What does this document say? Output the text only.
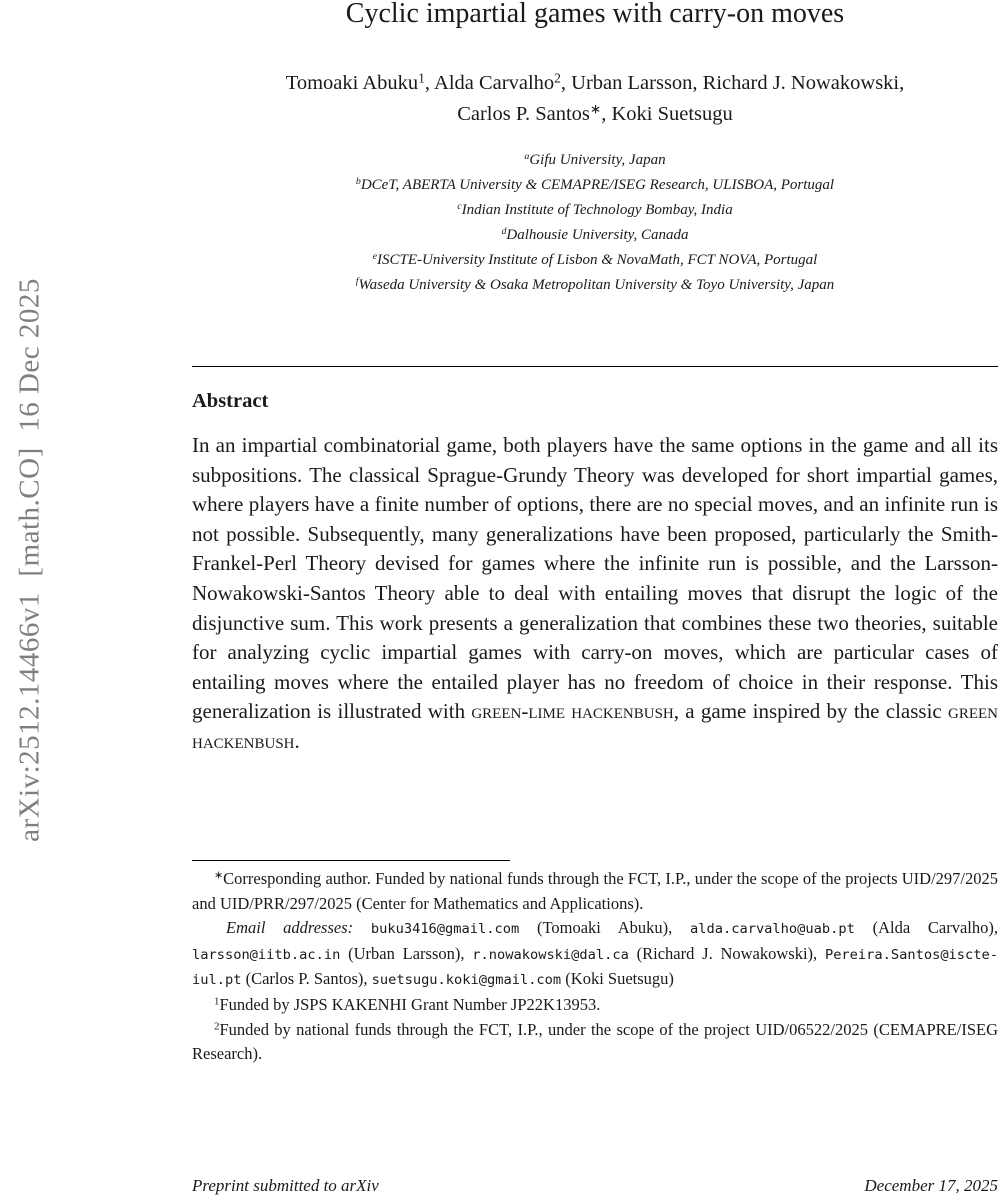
arXiv:2512.14466v1  [math.CO]  16 Dec 2025
Cyclic impartial games with carry-on moves
Tomoaki Abuku$^1$, Alda Carvalho$^2$, Urban Larsson, Richard J. Nowakowski,
Carlos P. Santos∗, Koki Suetsugu
$^a$Gifu University, Japan
$^b$DCeT, ABERTA University & CEMAPRE/ISEG Research, ULISBOA, Portugal
$^c$Indian Institute of Technology Bombay, India
$^d$Dalhousie University, Canada
$^e$ISCTE-University Institute of Lisbon & NovaMath, FCT NOVA, Portugal
$^f$Waseda University & Osaka Metropolitan University & Toyo University, Japan
Abstract

In an impartial combinatorial game, both players have the same options in the game and all its subpositions. The classical Sprague-Grundy Theory was developed for short impartial games, where players have a finite number of options, there are no special moves, and an infinite run is not possible. Subsequently, many generalizations have been proposed, particularly the Smith-Frankel-Perl Theory devised for games where the infinite run is possible, and the Larsson-Nowakowski-Santos Theory able to deal with entailing moves that disrupt the logic of the disjunctive sum. This work presents a generalization that combines these two theories, suitable for analyzing cyclic impartial games with carry-on moves, which are particular cases of entailing moves where the entailed player has no freedom of choice in their response. This generalization is illustrated with green-lime hackenbush, a game inspired by the classic green hackenbush.

∗Corresponding author. Funded by national funds through the FCT, I.P., under the scope of the projects UID/297/2025 and UID/PRR/297/2025 (Center for Mathematics and Applications).

Email addresses: buku3416@gmail.com (Tomoaki Abuku), alda.carvalho@uab.pt (Alda Carvalho), larsson@iitb.ac.in (Urban Larsson), r.nowakowski@dal.ca (Richard J. Nowakowski), Pereira.Santos@iscte-iul.pt (Carlos P. Santos), suetsugu.koki@gmail.com (Koki Suetsugu)

$^1$Funded by JSPS KAKENHI Grant Number JP22K13953.

$^2$Funded by national funds through the FCT, I.P., under the scope of the project UID/06522/2025 (CEMAPRE/ISEG Research).

Preprint submitted to arXiv	December 17, 2025
